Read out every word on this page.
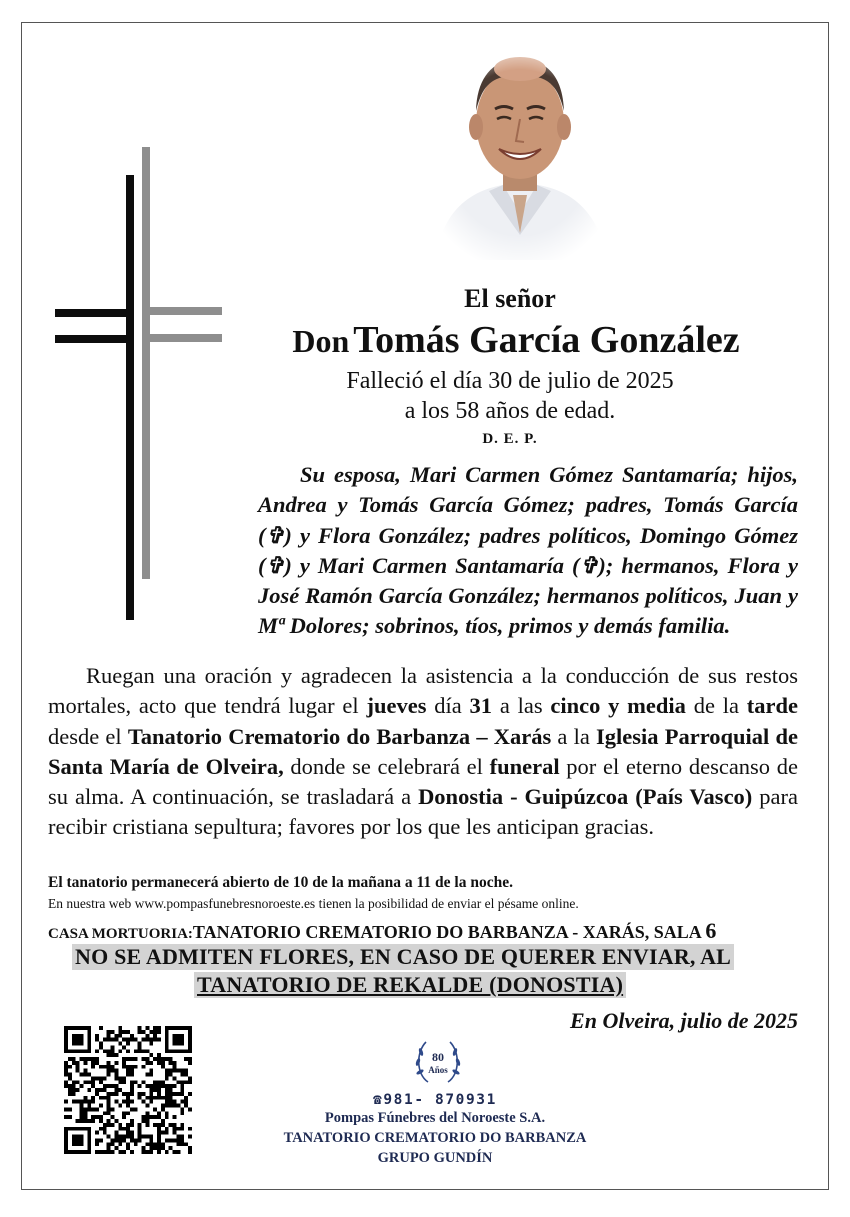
El señor
Don Tomás García González
Falleció el día 30 de julio de 2025
a los 58 años de edad.
D. E. P.

Su esposa, Mari Carmen Gómez Santamaría; hijos, Andrea y Tomás García Gómez; padres, Tomás García (✞) y Flora González; padres políticos, Domingo Gómez (✞) y Mari Carmen Santamaría (✞); hermanos, Flora y José Ramón García González; hermanos políticos, Juan y Mª Dolores; sobrinos, tíos, primos y demás familia.

Ruegan una oración y agradecen la asistencia a la conducción de sus restos mortales, acto que tendrá lugar el jueves día 31 a las cinco y media de la tarde desde el Tanatorio Crematorio do Barbanza – Xarás a la Iglesia Parroquial de Santa María de Olveira, donde se celebrará el funeral por el eterno descanso de su alma. A continuación, se trasladará a Donostia - Guipúzcoa (País Vasco) para recibir cristiana sepultura; favores por los que les anticipan gracias.

El tanatorio permanecerá abierto de 10 de la mañana a 11 de la noche.
En nuestra web www.pompasfunebresnoroeste.es tienen la posibilidad de enviar el pésame online.
CASA MORTUORIA:TANATORIO CREMATORIO DO BARBANZA - XARÁS, SALA 6
NO SE ADMITEN FLORES, EN CASO DE QUERER ENVIAR, AL
TANATORIO DE REKALDE (DONOSTIA)
En Olveira, julio de 2025
80
Años
☎981- 870931
Pompas Fúnebres del Noroeste S.A.
TANATORIO CREMATORIO DO BARBANZA
GRUPO GUNDÍN
